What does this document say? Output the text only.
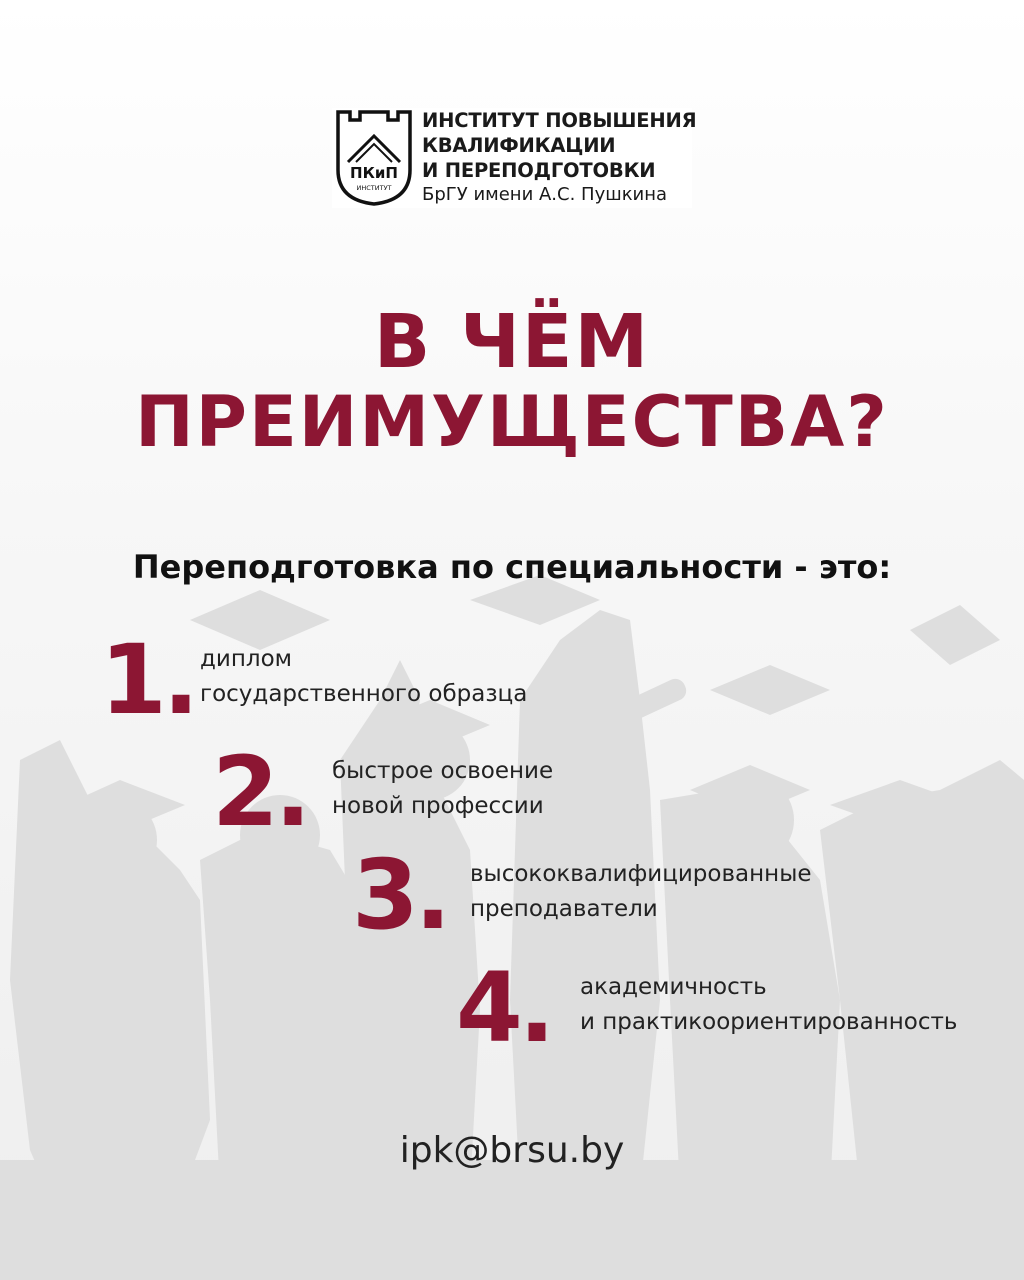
ПКиП
ИНСТИТУТ
ИНСТИТУТ ПОВЫШЕНИЯ
КВАЛИФИКАЦИИ
И ПЕРЕПОДГОТОВКИ
БрГУ имени А.С. Пушкина
В ЧЁМ
ПРЕИМУЩЕСТВА?
Переподготовка по специальности - это:
1. диплом
государственного образца
2. быстрое освоение
новой профессии
3. высококвалифицированные
преподаватели
4. академичность
и практикоориентированность
ipk@brsu.by
